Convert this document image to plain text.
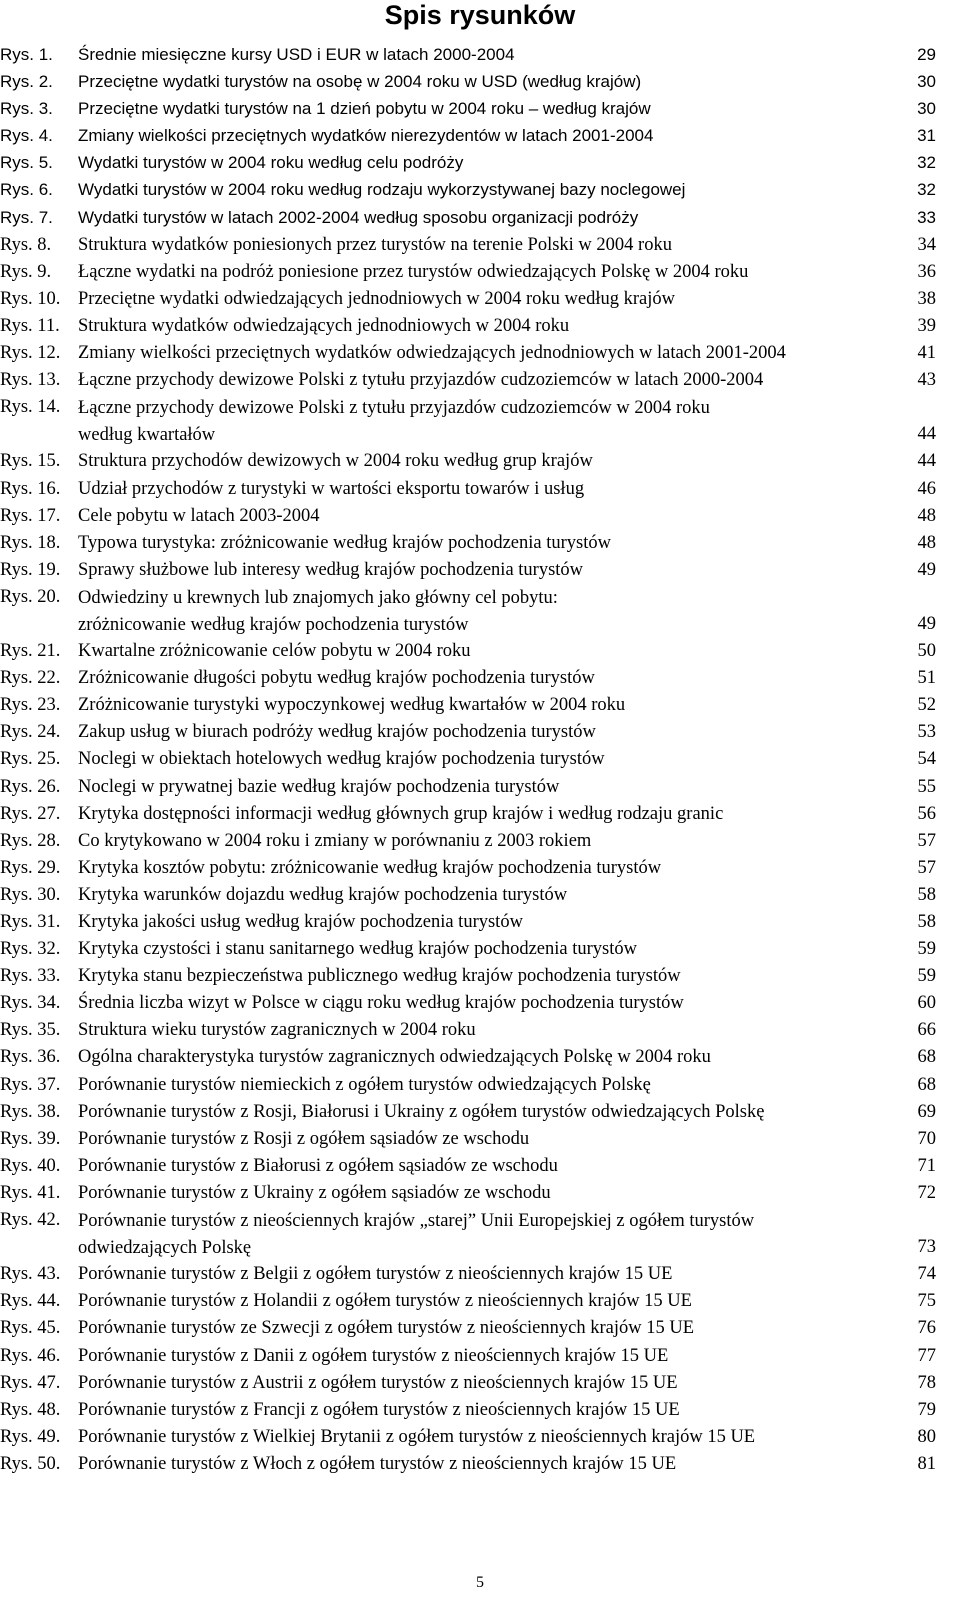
Spis rysunków
Rys. 1.	Średnie miesięczne kursy USD i EUR w latach 2000-2004	29
Rys. 2.	Przeciętne wydatki turystów na osobę w 2004 roku w USD (według krajów)	30
Rys. 3.	Przeciętne wydatki turystów na 1 dzień pobytu w 2004 roku – według krajów	30
Rys. 4.	Zmiany wielkości przeciętnych wydatków nierezydentów w latach 2001-2004	31
Rys. 5.	Wydatki turystów w 2004 roku według celu podróży	32
Rys. 6.	Wydatki turystów w 2004 roku według rodzaju wykorzystywanej bazy noclegowej	32
Rys. 7.	Wydatki turystów w latach 2002-2004 według sposobu organizacji podróży	33
Rys. 8.	Struktura wydatków poniesionych przez turystów na terenie Polski w 2004 roku	34
Rys. 9.	Łączne wydatki na podróż poniesione przez turystów odwiedzających Polskę w 2004 roku	36
Rys. 10. Przeciętne wydatki odwiedzających jednodniowych w 2004 roku według krajów	38
Rys. 11. Struktura wydatków odwiedzających jednodniowych w 2004 roku	39
Rys. 12. Zmiany wielkości przeciętnych wydatków odwiedzających jednodniowych w latach 2001-2004	41
Rys. 13. Łączne przychody dewizowe Polski z tytułu przyjazdów cudzoziemców w latach 2000-2004	43
Rys. 14. Łączne przychody dewizowe Polski z tytułu przyjazdów cudzoziemców w 2004 roku
według kwartałów	44
Rys. 15. Struktura przychodów dewizowych w 2004 roku według grup krajów	44
Rys. 16. Udział przychodów z turystyki w wartości eksportu towarów i usług	46
Rys. 17. Cele pobytu w latach 2003-2004	48
Rys. 18. Typowa turystyka: zróżnicowanie według krajów pochodzenia turystów	48
Rys. 19. Sprawy służbowe lub interesy według krajów pochodzenia turystów	49
Rys. 20. Odwiedziny u krewnych lub znajomych jako główny cel pobytu:
zróżnicowanie według krajów pochodzenia turystów	49
Rys. 21. Kwartalne zróżnicowanie celów pobytu w 2004 roku	50
Rys. 22. Zróżnicowanie długości pobytu według krajów pochodzenia turystów	51
Rys. 23. Zróżnicowanie turystyki wypoczynkowej według kwartałów w 2004 roku	52
Rys. 24. Zakup usług w biurach podróży według krajów pochodzenia turystów	53
Rys. 25. Noclegi w obiektach hotelowych według krajów pochodzenia turystów	54
Rys. 26. Noclegi w prywatnej bazie według krajów pochodzenia turystów	55
Rys. 27. Krytyka dostępności informacji według głównych grup krajów i według rodzaju granic	56
Rys. 28. Co krytykowano w 2004 roku i zmiany w porównaniu z 2003 rokiem	57
Rys. 29. Krytyka kosztów pobytu: zróżnicowanie według krajów pochodzenia turystów	57
Rys. 30. Krytyka warunków dojazdu według krajów pochodzenia turystów	58
Rys. 31. Krytyka jakości usług według krajów pochodzenia turystów	58
Rys. 32. Krytyka czystości i stanu sanitarnego według krajów pochodzenia turystów	59
Rys. 33. Krytyka stanu bezpieczeństwa publicznego według krajów pochodzenia turystów	59
Rys. 34. Średnia liczba wizyt w Polsce w ciągu roku według krajów pochodzenia turystów	60
Rys. 35. Struktura wieku turystów zagranicznych w 2004 roku	66
Rys. 36. Ogólna charakterystyka turystów zagranicznych odwiedzających Polskę w 2004 roku	68
Rys. 37. Porównanie turystów niemieckich z ogółem turystów odwiedzających Polskę	68
Rys. 38. Porównanie turystów z Rosji, Białorusi i Ukrainy z ogółem turystów odwiedzających Polskę	69
Rys. 39. Porównanie turystów z Rosji z ogółem sąsiadów ze wschodu	70
Rys. 40. Porównanie turystów z Białorusi z ogółem sąsiadów ze wschodu	71
Rys. 41. Porównanie turystów z Ukrainy z ogółem sąsiadów ze wschodu	72
Rys. 42. Porównanie turystów z nieościennych krajów „starej” Unii Europejskiej z ogółem turystów
odwiedzających Polskę	73
Rys. 43. Porównanie turystów z Belgii z ogółem turystów z nieościennych krajów 15 UE	74
Rys. 44. Porównanie turystów z Holandii z ogółem turystów z nieościennych krajów 15 UE	75
Rys. 45. Porównanie turystów ze Szwecji z ogółem turystów z nieościennych krajów 15 UE	76
Rys. 46. Porównanie turystów z Danii z ogółem turystów z nieościennych krajów 15 UE	77
Rys. 47. Porównanie turystów z Austrii z ogółem turystów z nieościennych krajów 15 UE	78
Rys. 48. Porównanie turystów z Francji z ogółem turystów z nieościennych krajów 15 UE	79
Rys. 49. Porównanie turystów z Wielkiej Brytanii z ogółem turystów z nieościennych krajów 15 UE	80
Rys. 50. Porównanie turystów z Włoch z ogółem turystów z nieościennych krajów 15 UE	81
5
